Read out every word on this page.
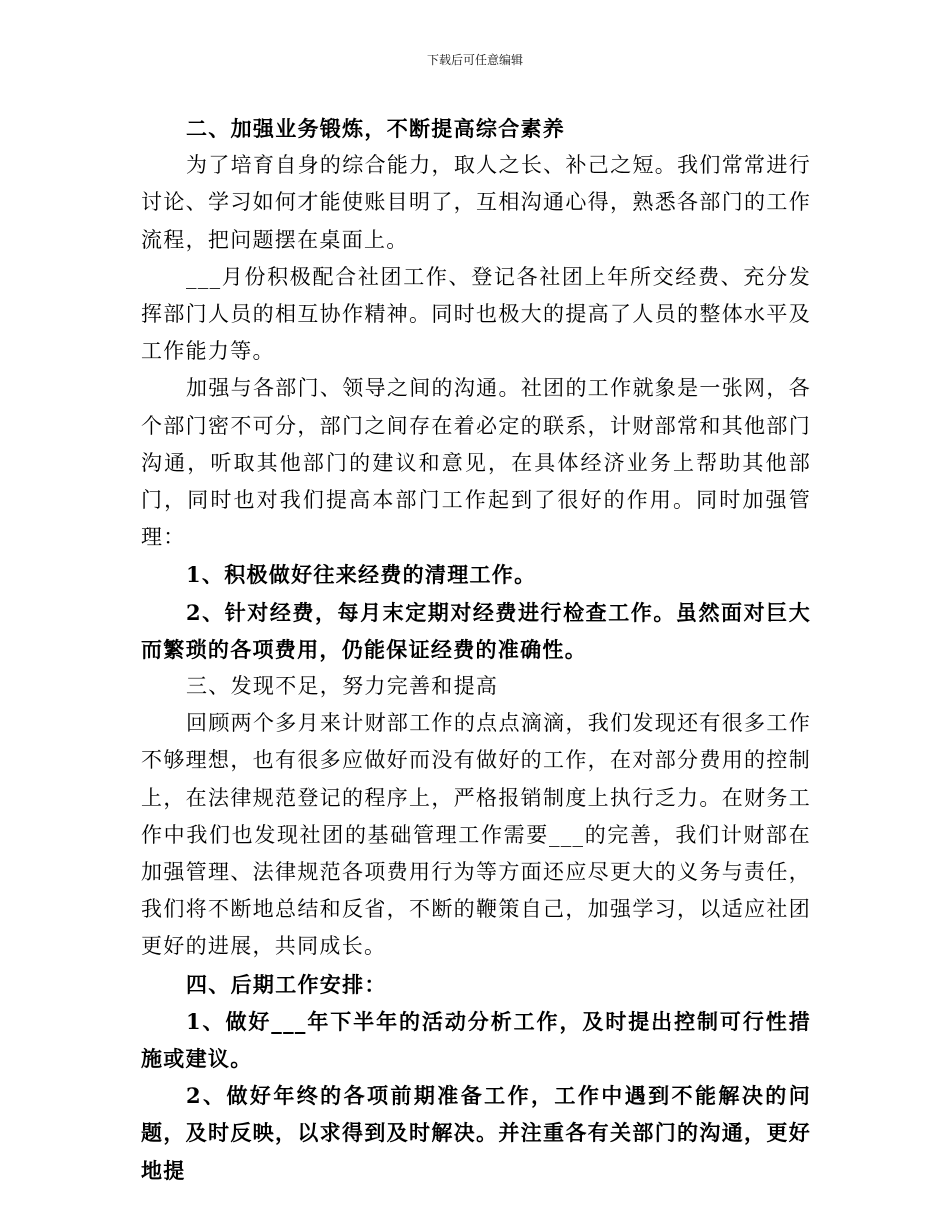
下载后可任意编辑

二、加强业务锻炼，不断提高综合素养

为了培育自身的综合能力，取人之长、补己之短。我们常常进行讨论、学习如何才能使账目明了，互相沟通心得，熟悉各部门的工作流程，把问题摆在桌面上。

___月份积极配合社团工作、登记各社团上年所交经费、充分发挥部门人员的相互协作精神。同时也极大的提高了人员的整体水平及工作能力等。

加强与各部门、领导之间的沟通。社团的工作就象是一张网，各个部门密不可分，部门之间存在着必定的联系，计财部常和其他部门沟通，听取其他部门的建议和意见，在具体经济业务上帮助其他部门，同时也对我们提高本部门工作起到了很好的作用。同时加强管理：

1、积极做好往来经费的清理工作。

2、针对经费，每月末定期对经费进行检查工作。虽然面对巨大而繁琐的各项费用，仍能保证经费的准确性。

三、发现不足，努力完善和提高

回顾两个多月来计财部工作的点点滴滴，我们发现还有很多工作不够理想，也有很多应做好而没有做好的工作，在对部分费用的控制上，在法律规范登记的程序上，严格报销制度上执行乏力。在财务工作中我们也发现社团的基础管理工作需要___的完善，我们计财部在加强管理、法律规范各项费用行为等方面还应尽更大的义务与责任，我们将不断地总结和反省，不断的鞭策自己，加强学习，以适应社团更好的进展，共同成长。

四、后期工作安排：

1、做好___年下半年的活动分析工作，及时提出控制可行性措施或建议。

2、做好年终的各项前期准备工作，工作中遇到不能解决的问题，及时反映，以求得到及时解决。并注重各有关部门的沟通，更好地提
